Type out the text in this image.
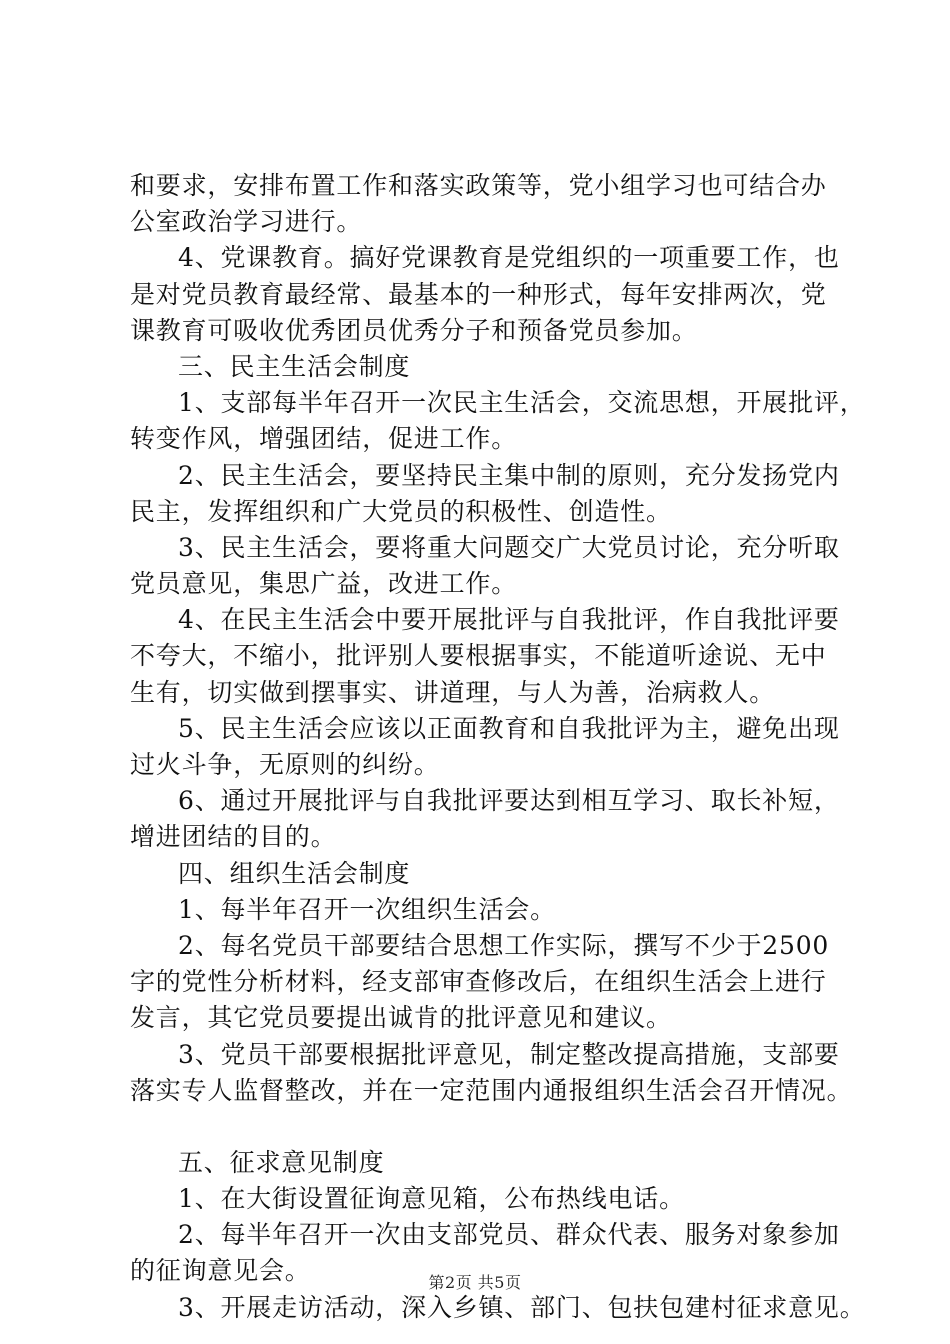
和要求，安排布置工作和落实政策等，党小组学习也可结合办
公室政治学习进行。
4、党课教育。搞好党课教育是党组织的一项重要工作，也
是对党员教育最经常、最基本的一种形式，每年安排两次，党
课教育可吸收优秀团员优秀分子和预备党员参加。
三、民主生活会制度
1、支部每半年召开一次民主生活会，交流思想，开展批评，
转变作风，增强团结，促进工作。
2、民主生活会，要坚持民主集中制的原则，充分发扬党内
民主，发挥组织和广大党员的积极性、创造性。
3、民主生活会，要将重大问题交广大党员讨论，充分听取
党员意见，集思广益，改进工作。
4、在民主生活会中要开展批评与自我批评，作自我批评要
不夸大，不缩小，批评别人要根据事实，不能道听途说、无中
生有，切实做到摆事实、讲道理，与人为善，治病救人。
5、民主生活会应该以正面教育和自我批评为主，避免出现
过火斗争，无原则的纠纷。
6、通过开展批评与自我批评要达到相互学习、取长补短，
增进团结的目的。
四、组织生活会制度
1、每半年召开一次组织生活会。
2、每名党员干部要结合思想工作实际，撰写不少于2500
字的党性分析材料，经支部审查修改后，在组织生活会上进行
发言，其它党员要提出诚肯的批评意见和建议。
3、党员干部要根据批评意见，制定整改提高措施，支部要
落实专人监督整改，并在一定范围内通报组织生活会召开情况。
五、征求意见制度
1、在大街设置征询意见箱，公布热线电话。
2、每半年召开一次由支部党员、群众代表、服务对象参加
的征询意见会。
3、开展走访活动，深入乡镇、部门、包扶包建村征求意见。
第2页 共5页
